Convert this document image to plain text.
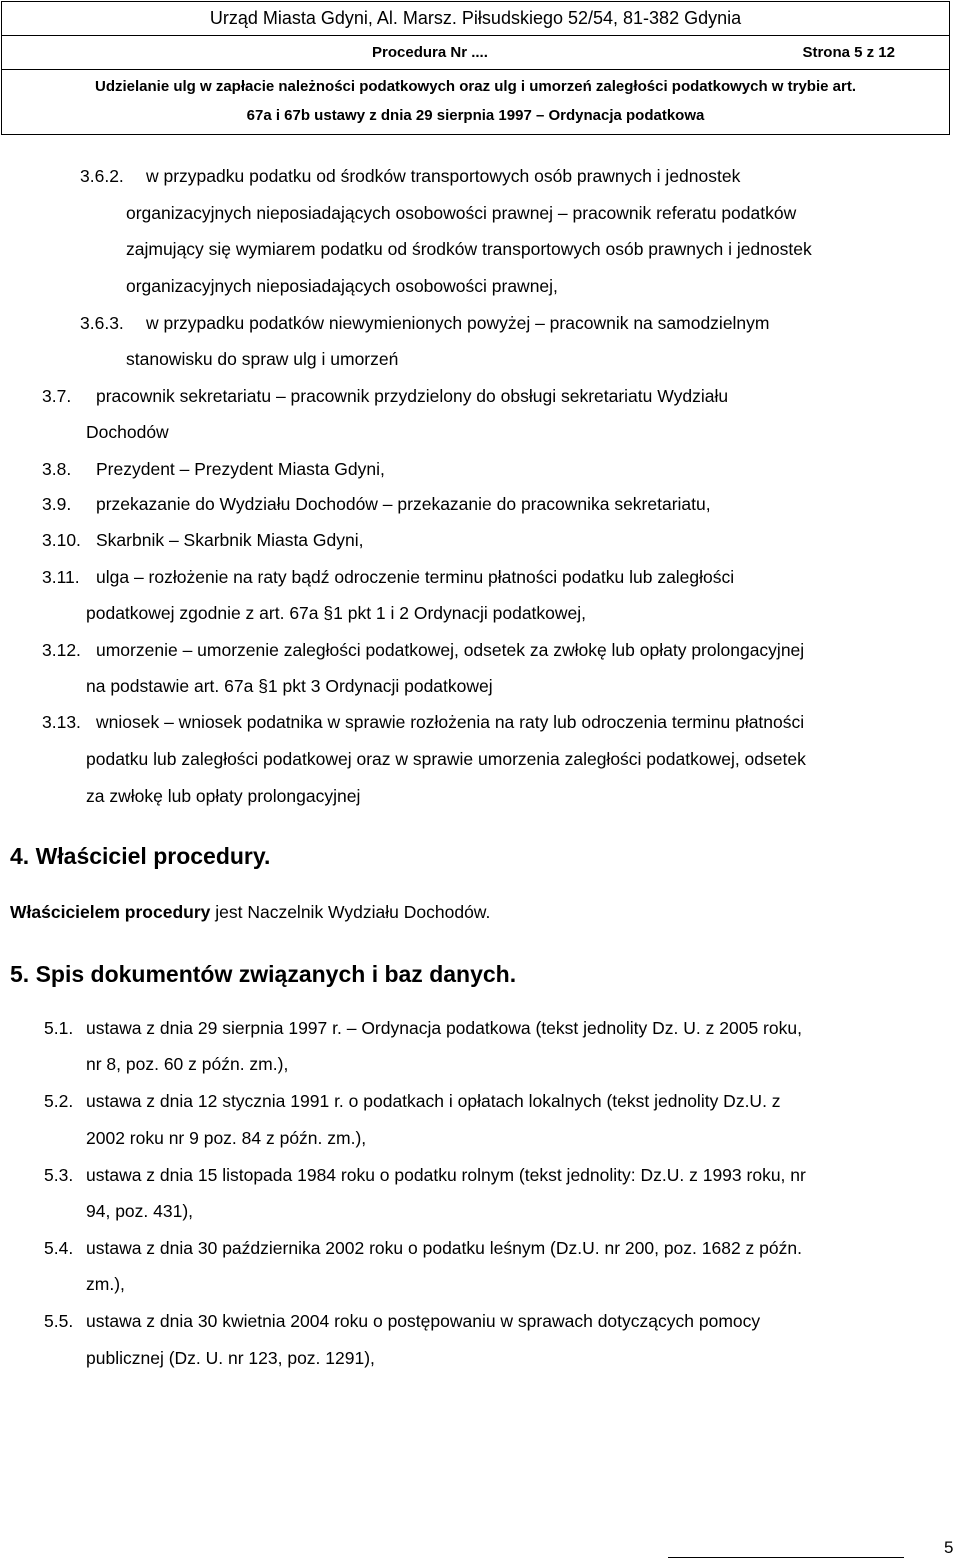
Urząd Miasta Gdyni, Al. Marsz. Piłsudskiego 52/54, 81-382 Gdynia
Procedura Nr ....	Strona 5 z 12
Udzielanie ulg w zapłacie należności podatkowych oraz ulg i umorzeń zaległości podatkowych w trybie art.
67a i 67b ustawy z dnia 29 sierpnia 1997 – Ordynacja podatkowa
3.6.2. w przypadku podatku od środków transportowych osób prawnych i jednostek
organizacyjnych nieposiadających osobowości prawnej – pracownik referatu podatków
zajmujący się wymiarem podatku od środków transportowych osób prawnych i jednostek
organizacyjnych nieposiadających osobowości prawnej,
3.6.3. w przypadku podatków niewymienionych powyżej – pracownik na samodzielnym
stanowisku do spraw ulg i umorzeń
3.7. pracownik sekretariatu – pracownik przydzielony do obsługi sekretariatu Wydziału
Dochodów
3.8. Prezydent – Prezydent Miasta Gdyni,
3.9. przekazanie do Wydziału Dochodów – przekazanie do pracownika sekretariatu,
3.10. Skarbnik – Skarbnik Miasta Gdyni,
3.11. ulga – rozłożenie na raty bądź odroczenie terminu płatności podatku lub zaległości
podatkowej zgodnie z art. 67a §1 pkt 1 i 2 Ordynacji podatkowej,
3.12. umorzenie – umorzenie zaległości podatkowej, odsetek za zwłokę lub opłaty prolongacyjnej
na podstawie art. 67a §1 pkt 3 Ordynacji podatkowej
3.13. wniosek – wniosek podatnika w sprawie rozłożenia na raty lub odroczenia terminu płatności
podatku lub zaległości podatkowej oraz w sprawie umorzenia zaległości podatkowej, odsetek
za zwłokę lub opłaty prolongacyjnej
4. Właściciel procedury.
Właścicielem procedury jest Naczelnik Wydziału Dochodów.
5. Spis dokumentów związanych i baz danych.
5.1. ustawa z dnia 29 sierpnia 1997 r. – Ordynacja podatkowa (tekst jednolity Dz. U. z 2005 roku,
nr 8, poz. 60 z późn. zm.),
5.2. ustawa z dnia 12 stycznia 1991 r. o podatkach i opłatach lokalnych (tekst jednolity Dz.U. z
2002 roku nr 9 poz. 84 z późn. zm.),
5.3. ustawa z dnia 15 listopada 1984 roku o podatku rolnym (tekst jednolity: Dz.U. z 1993 roku, nr
94, poz. 431),
5.4. ustawa z dnia 30 października 2002 roku o podatku leśnym (Dz.U. nr 200, poz. 1682 z późn.
zm.),
5.5. ustawa z dnia 30 kwietnia 2004 roku o postępowaniu w sprawach dotyczących pomocy
publicznej (Dz. U. nr 123, poz. 1291),
5
